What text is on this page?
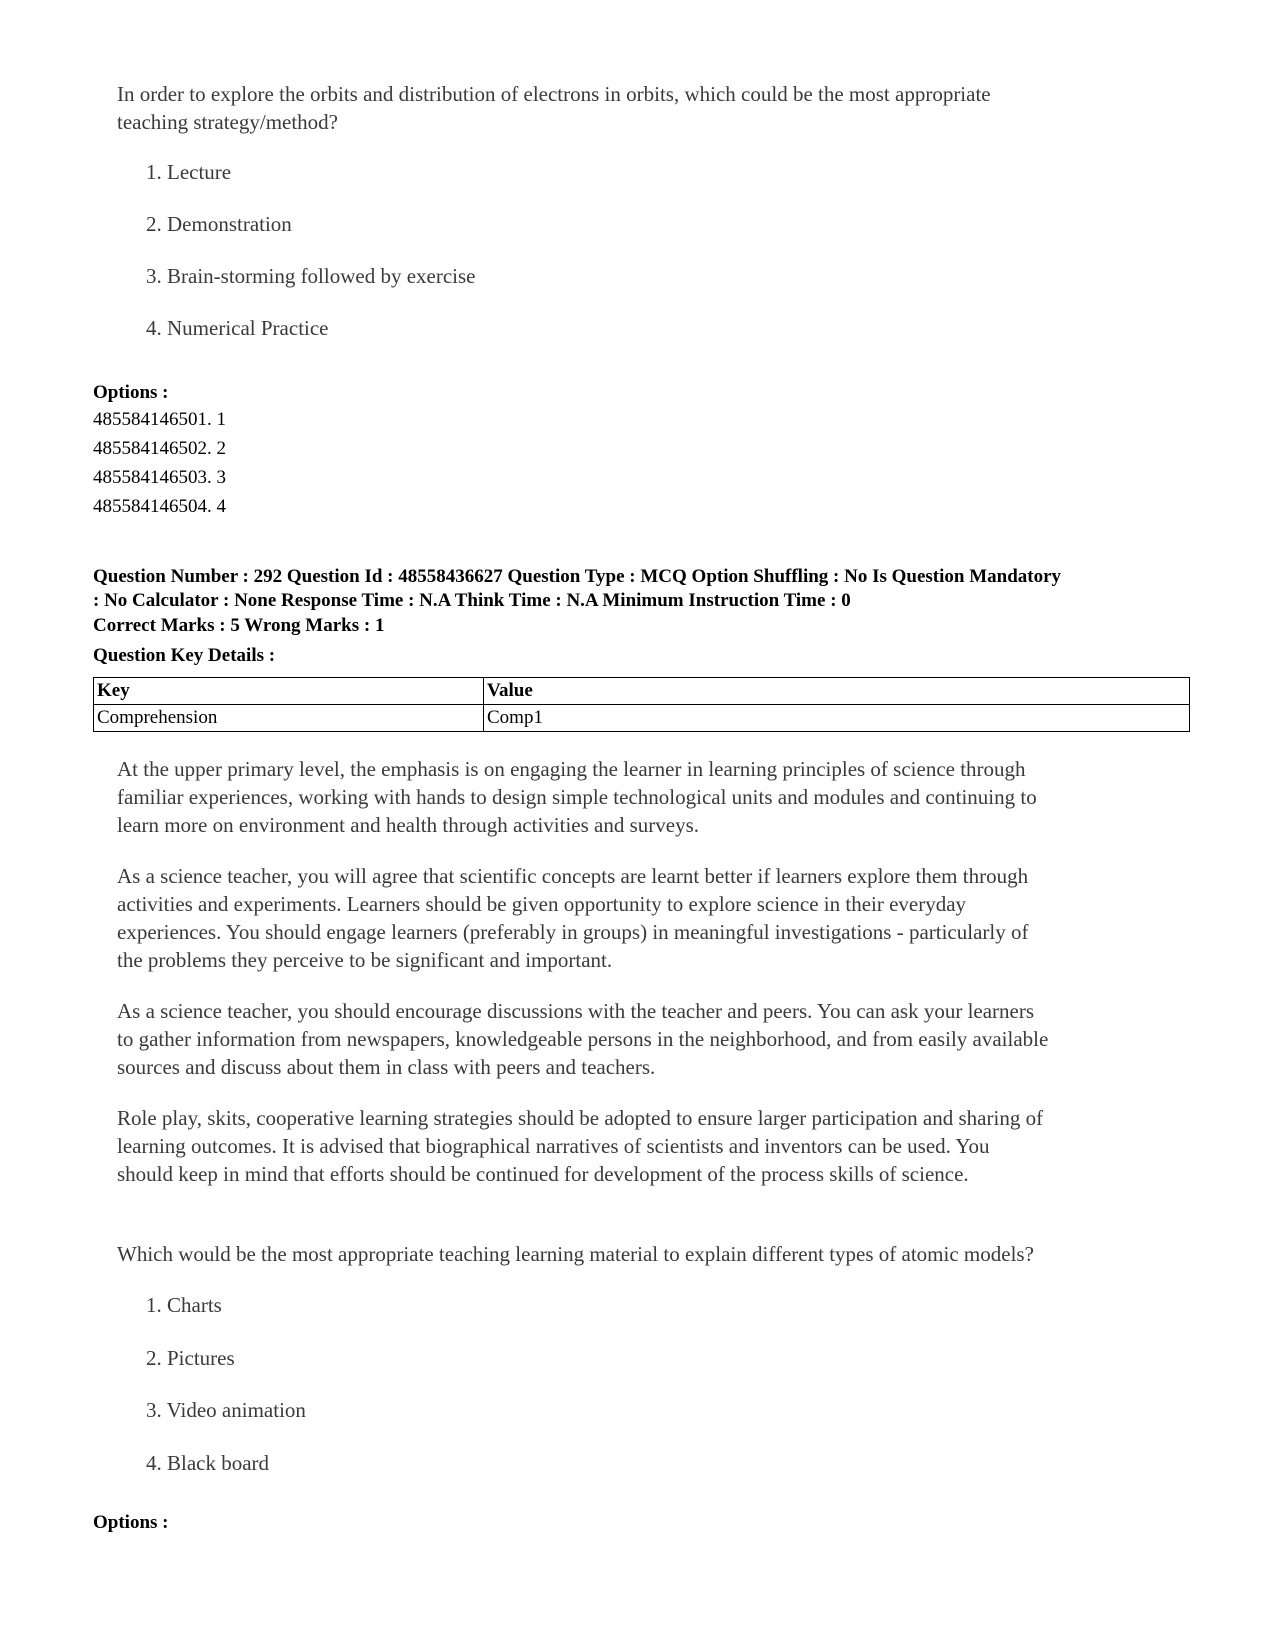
In order to explore the orbits and distribution of electrons in orbits, which could be the most appropriate
teaching strategy/method?
1. Lecture
2. Demonstration
3. Brain-storming followed by exercise
4. Numerical Practice
Options :
485584146501. 1
485584146502. 2
485584146503. 3
485584146504. 4
Question Number : 292 Question Id : 48558436627 Question Type : MCQ Option Shuffling : No Is Question Mandatory
: No Calculator : None Response Time : N.A Think Time : N.A Minimum Instruction Time : 0
Correct Marks : 5 Wrong Marks : 1
Question Key Details :
Key	Value
Comprehension	Comp1
At the upper primary level, the emphasis is on engaging the learner in learning principles of science through
familiar experiences, working with hands to design simple technological units and modules and continuing to
learn more on environment and health through activities and surveys.
As a science teacher, you will agree that scientific concepts are learnt better if learners explore them through
activities and experiments. Learners should be given opportunity to explore science in their everyday
experiences. You should engage learners (preferably in groups) in meaningful investigations - particularly of
the problems they perceive to be significant and important.
As a science teacher, you should encourage discussions with the teacher and peers. You can ask your learners
to gather information from newspapers, knowledgeable persons in the neighborhood, and from easily available
sources and discuss about them in class with peers and teachers.
Role play, skits, cooperative learning strategies should be adopted to ensure larger participation and sharing of
learning outcomes. It is advised that biographical narratives of scientists and inventors can be used. You
should keep in mind that efforts should be continued for development of the process skills of science.
Which would be the most appropriate teaching learning material to explain different types of atomic models?
1. Charts
2. Pictures
3. Video animation
4. Black board
Options :
